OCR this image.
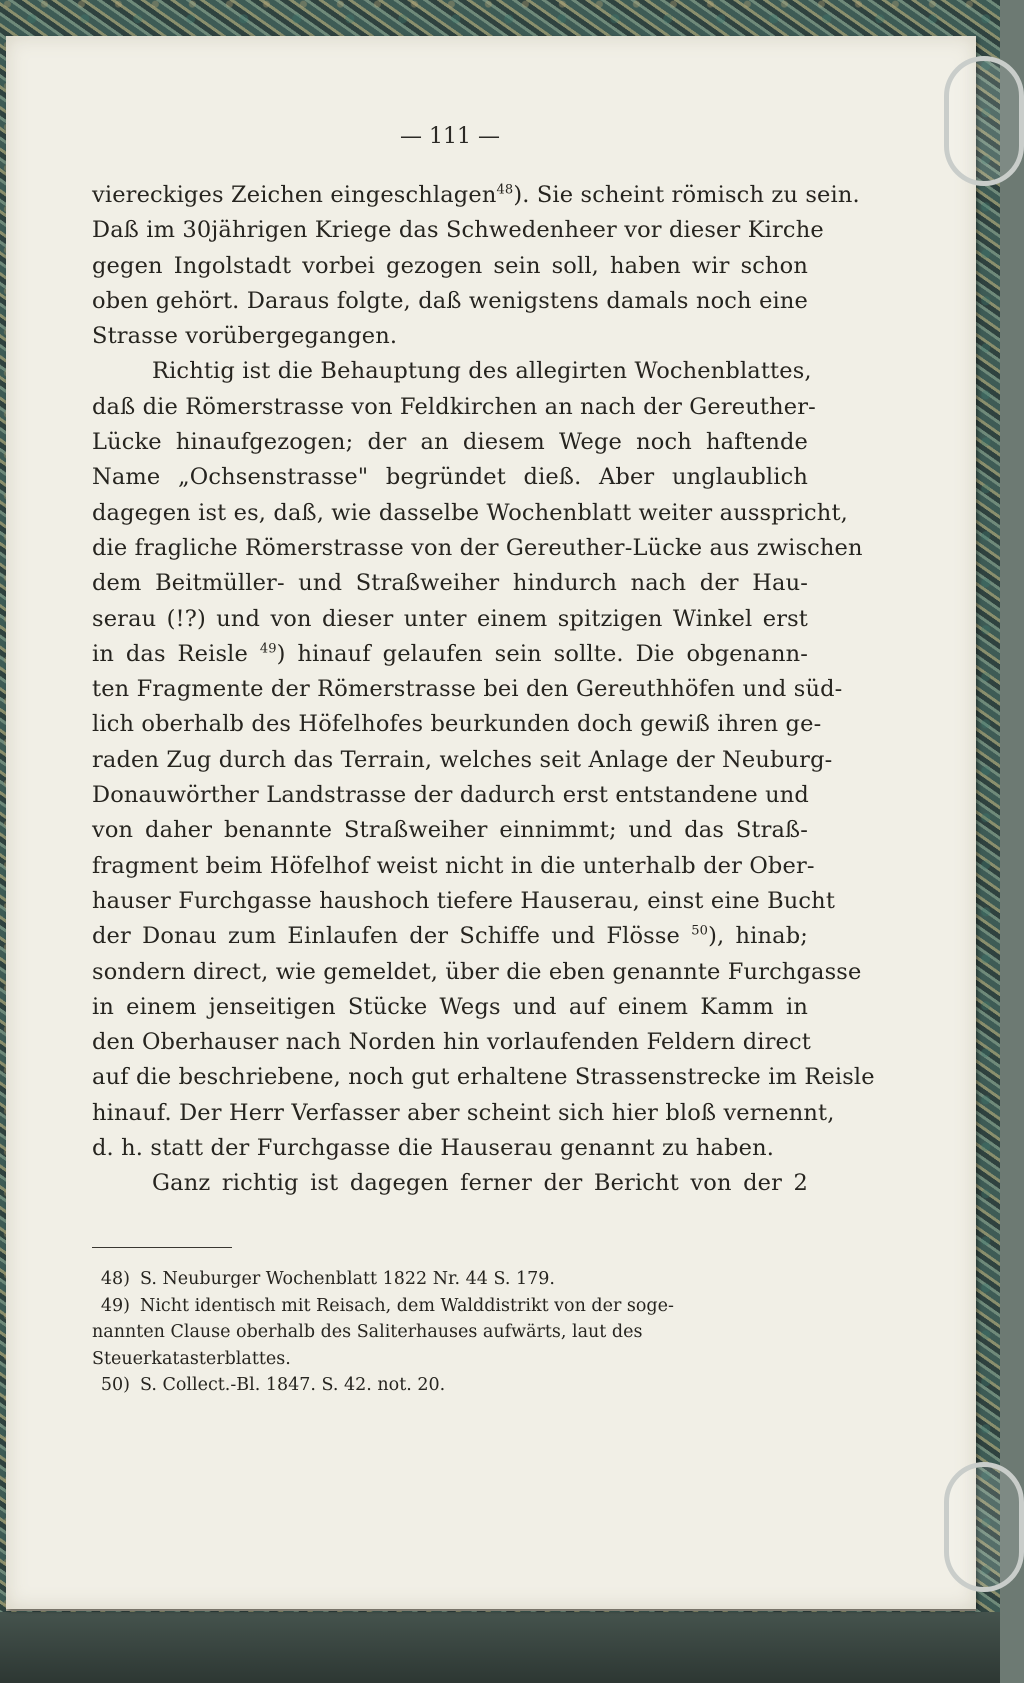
— 111 —
viereckiges Zeichen eingeschlagen$^{48}$). Sie scheint römisch zu sein.
Daß im 30jährigen Kriege das Schwedenheer vor dieser Kirche
gegen Ingolstadt vorbei gezogen sein soll, haben wir schon
oben gehört. Daraus folgte, daß wenigstens damals noch eine
Strasse vorübergegangen.
Richtig ist die Behauptung des allegirten Wochenblattes,
daß die Römerstrasse von Feldkirchen an nach der Gereuther-
Lücke hinaufgezogen; der an diesem Wege noch haftende
Name „Ochsenstrasse" begründet dieß. Aber unglaublich
dagegen ist es, daß, wie dasselbe Wochenblatt weiter ausspricht,
die fragliche Römerstrasse von der Gereuther-Lücke aus zwischen
dem Beitmüller- und Straßweiher hindurch nach der Hau-
serau (!?) und von dieser unter einem spitzigen Winkel erst
in das Reisle $^{49}$) hinauf gelaufen sein sollte. Die obgenann-
ten Fragmente der Römerstrasse bei den Gereuthhöfen und süd-
lich oberhalb des Höfelhofes beurkunden doch gewiß ihren ge-
raden Zug durch das Terrain, welches seit Anlage der Neuburg-
Donauwörther Landstrasse der dadurch erst entstandene und
von daher benannte Straßweiher einnimmt; und das Straß-
fragment beim Höfelhof weist nicht in die unterhalb der Ober-
hauser Furchgasse haushoch tiefere Hauserau, einst eine Bucht
der Donau zum Einlaufen der Schiffe und Flösse $^{50}$), hinab;
sondern direct, wie gemeldet, über die eben genannte Furchgasse
in einem jenseitigen Stücke Wegs und auf einem Kamm in
den Oberhauser nach Norden hin vorlaufenden Feldern direct
auf die beschriebene, noch gut erhaltene Strassenstrecke im Reisle
hinauf. Der Herr Verfasser aber scheint sich hier bloß vernennt,
d. h. statt der Furchgasse die Hauserau genannt zu haben.
Ganz richtig ist dagegen ferner der Bericht von der 2
48) S. Neuburger Wochenblatt 1822 Nr. 44 S. 179.
49) Nicht identisch mit Reisach, dem Walddistrikt von der soge-
nannten Clause oberhalb des Saliterhauses aufwärts, laut des
Steuerkatasterblattes.
50) S. Collect.-Bl. 1847. S. 42. not. 20.
